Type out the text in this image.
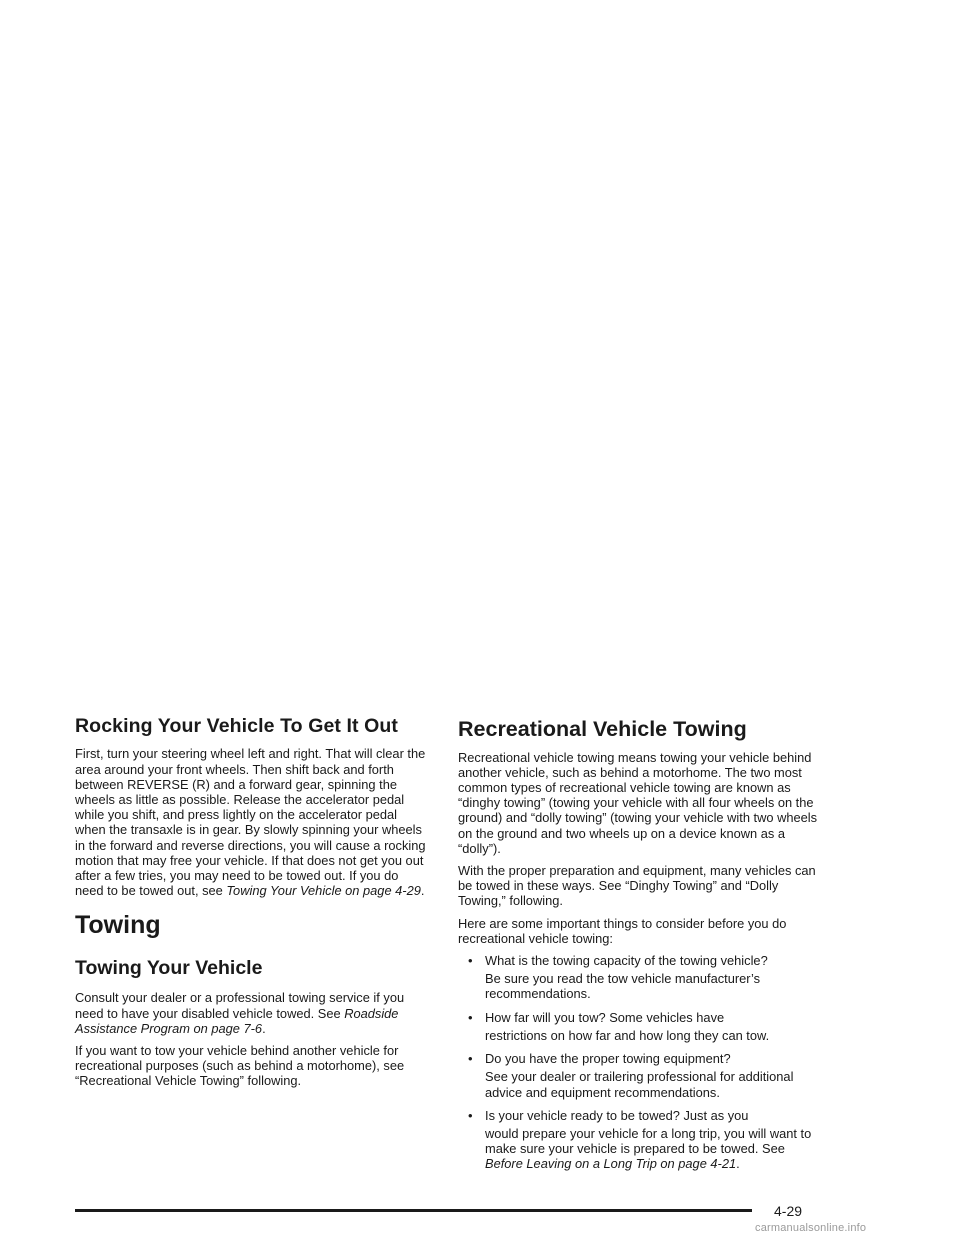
Rocking Your Vehicle To Get It Out

First, turn your steering wheel left and right. That will clear the area around your front wheels. Then shift back and forth between REVERSE (R) and a forward gear, spinning the wheels as little as possible. Release the accelerator pedal while you shift, and press lightly on the accelerator pedal when the transaxle is in gear. By slowly spinning your wheels in the forward and reverse directions, you will cause a rocking motion that may free your vehicle. If that does not get you out after a few tries, you may need to be towed out. If you do need to be towed out, see Towing Your Vehicle on page 4-29.

Towing
Towing Your Vehicle

Consult your dealer or a professional towing service if you need to have your disabled vehicle towed. See Roadside Assistance Program on page 7-6.

If you want to tow your vehicle behind another vehicle for recreational purposes (such as behind a motorhome), see “Recreational Vehicle Towing” following.

Recreational Vehicle Towing

Recreational vehicle towing means towing your vehicle behind another vehicle, such as behind a motorhome. The two most common types of recreational vehicle towing are known as “dinghy towing” (towing your vehicle with all four wheels on the ground) and “dolly towing” (towing your vehicle with two wheels on the ground and two wheels up on a device known as a “dolly”).

With the proper preparation and equipment, many vehicles can be towed in these ways. See “Dinghy Towing” and “Dolly Towing,” following.

Here are some important things to consider before you do recreational vehicle towing:

• What is the towing capacity of the towing vehicle?
Be sure you read the tow vehicle manufacturer’s recommendations.
• How far will you tow? Some vehicles have
restrictions on how far and how long they can tow.
• Do you have the proper towing equipment?
See your dealer or trailering professional for additional advice and equipment recommendations.
• Is your vehicle ready to be towed? Just as you
would prepare your vehicle for a long trip, you will want to make sure your vehicle is prepared to be towed. See Before Leaving on a Long Trip on page 4-21.
4-29
carmanualsonline.info
